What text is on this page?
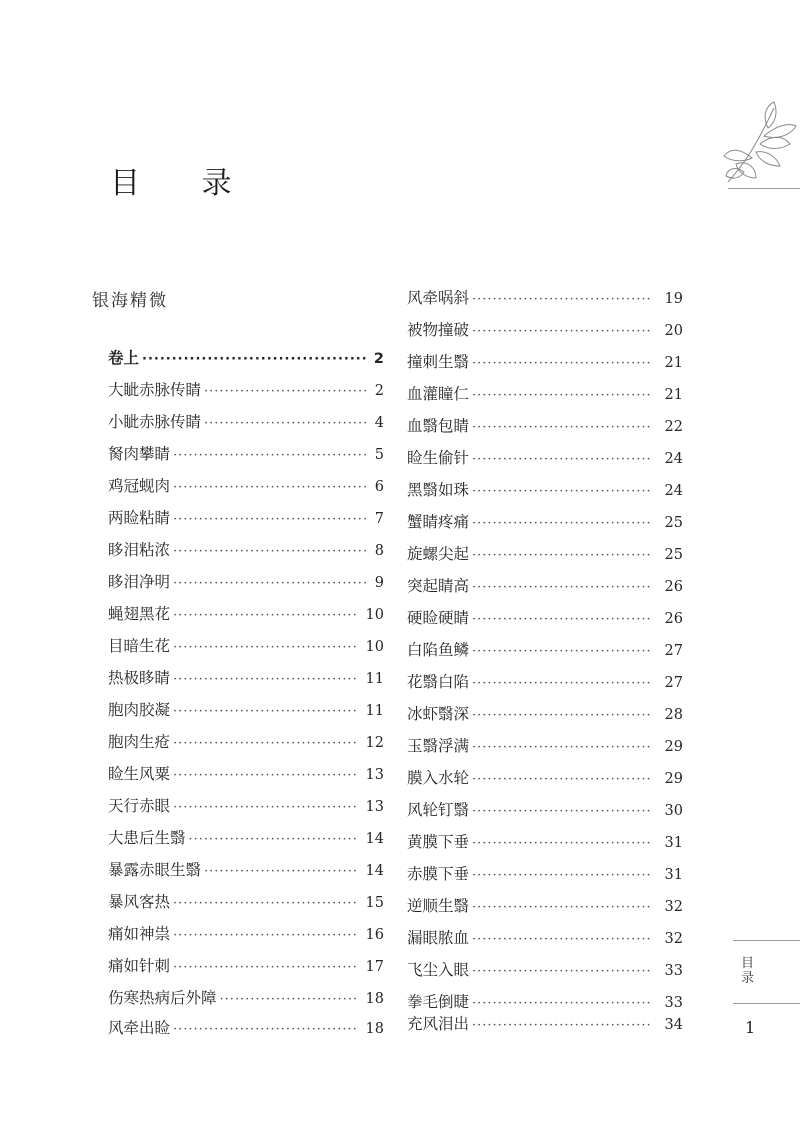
目 录
银海精微
卷上 ·····	2
大眦赤脉传睛 ·····	2
小眦赤脉传睛 ·····	4
胬肉攀睛 ·····	5
鸡冠蚬肉 ·····	6
两睑粘睛 ·····	7
眵泪粘浓 ·····	8
眵泪净明 ·····	9
蝇翅黑花 ·····	10
目暗生花 ·····	10
热极眵睛 ·····	11
胞肉胶凝 ·····	11
胞肉生疮 ·····	12
睑生风粟 ·····	13
天行赤眼 ·····	13
大患后生翳 ·····	14
暴露赤眼生翳 ·····	14
暴风客热 ·····	15
痛如神祟 ·····	16
痛如针刺 ·····	17
伤寒热病后外障 ·····	18
风牵出睑 ·····	18
风牵㖞斜 ·····	19
被物撞破 ·····	20
撞刺生翳 ·····	21
血灌瞳仁 ·····	21
血翳包睛 ·····	22
睑生偷针 ·····	24
黑翳如珠 ·····	24
蟹睛疼痛 ·····	25
旋螺尖起 ·····	25
突起睛高 ·····	26
硬睑硬睛 ·····	26
白陷鱼鳞 ·····	27
花翳白陷 ·····	27
冰虾翳深 ·····	28
玉翳浮满 ·····	29
膜入水轮 ·····	29
风轮钉翳 ·····	30
黄膜下垂 ·····	31
赤膜下垂 ·····	31
逆顺生翳 ·····	32
漏眼脓血 ·····	32
飞尘入眼 ·····	33
拳毛倒睫 ·····	33
充风泪出 ·····	34
目录
1
